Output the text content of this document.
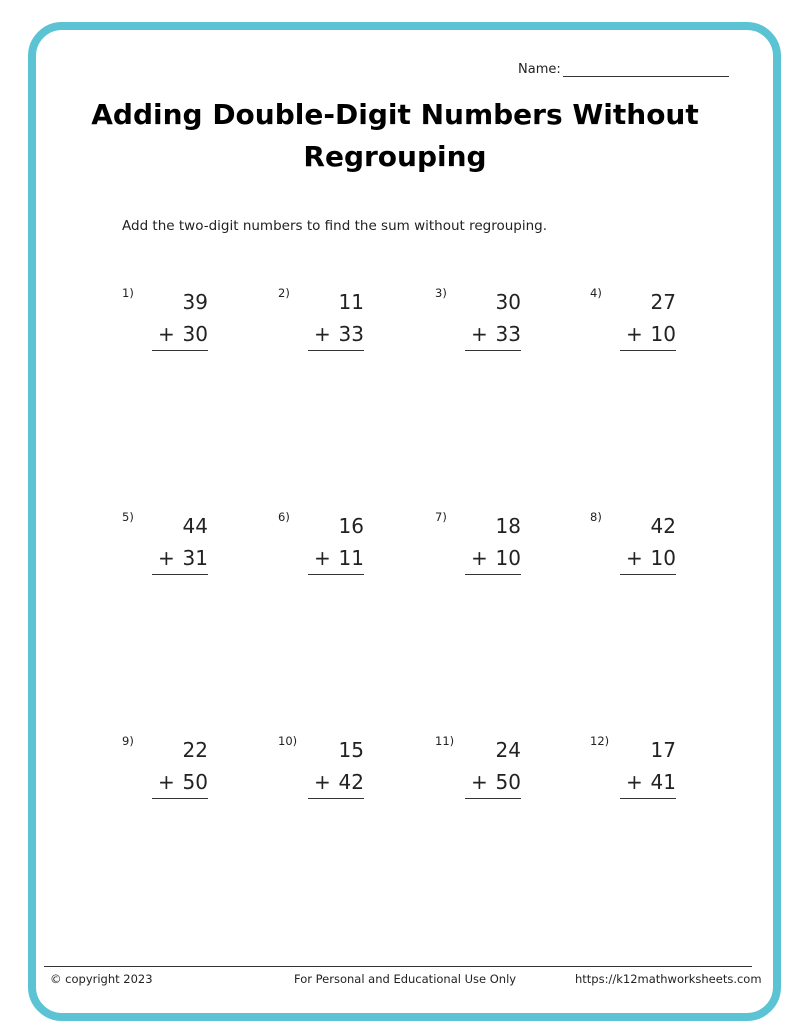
Name:
Adding Double-Digit Numbers Without Regrouping
Add the two-digit numbers to find the sum without regrouping.
1) 39
+ 30
2) 11
+ 33
3) 30
+ 33
4) 27
+ 10
5) 44
+ 31
6) 16
+ 11
7) 18
+ 10
8) 42
+ 10
9) 22
+ 50
10) 15
+ 42
11) 24
+ 50
12) 17
+ 41
© copyright 2023	For Personal and Educational Use Only	https://k12mathworksheets.com
